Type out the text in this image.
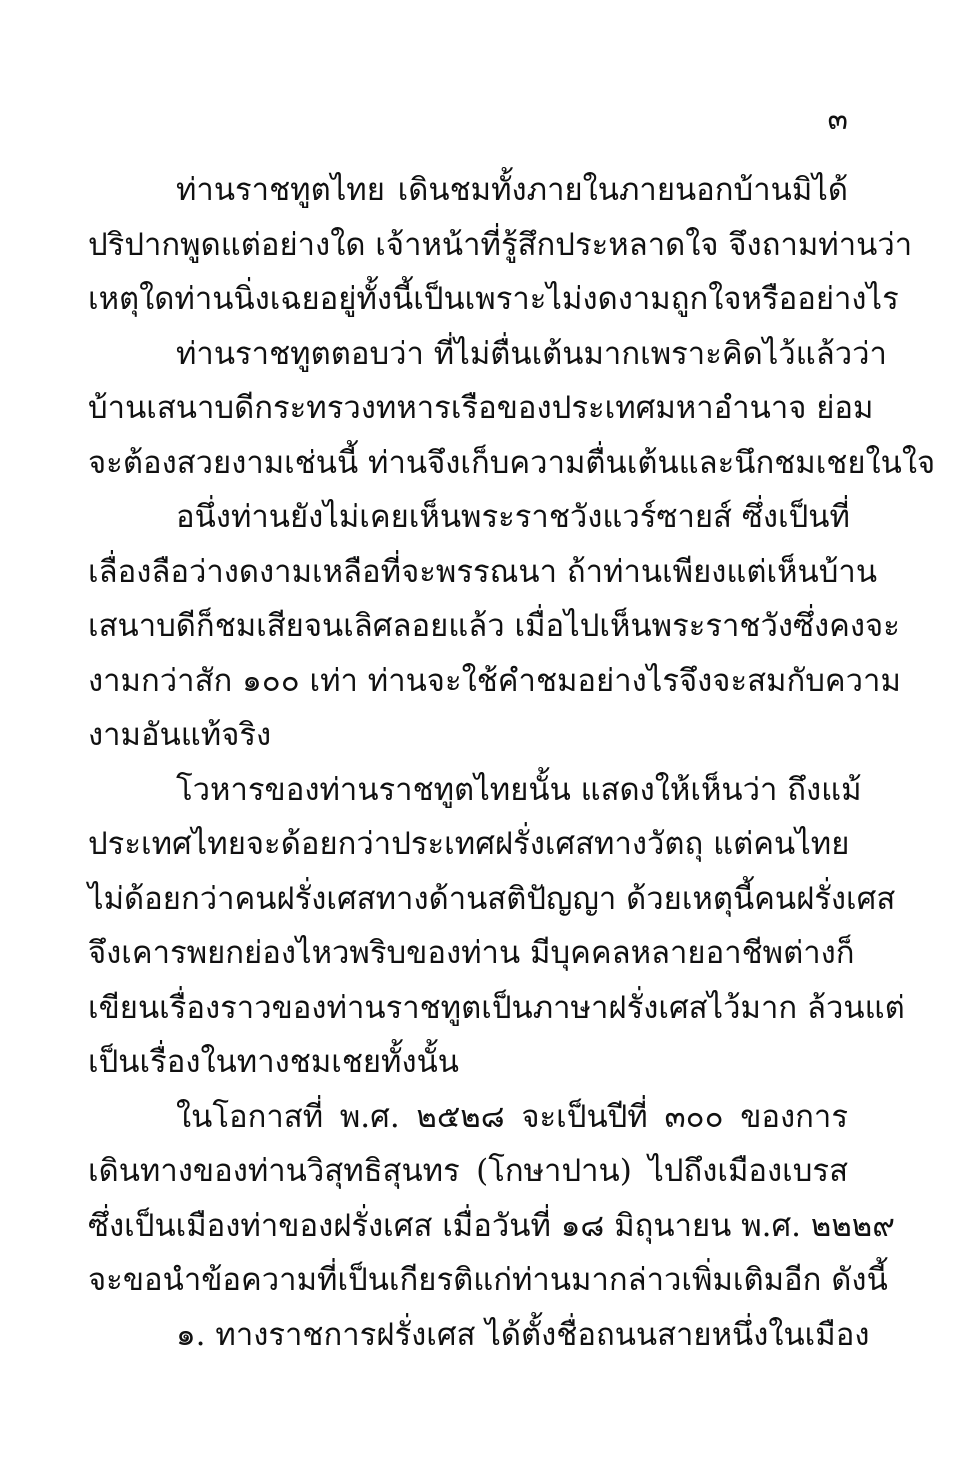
๓
ท่านราชทูตไทย เดินชมทั้งภายในภายนอกบ้านมิได้
ปริปากพูดแต่อย่างใด เจ้าหน้าที่รู้สึกประหลาดใจ จึงถามท่านว่า
เหตุใดท่านนิ่งเฉยอยู่ทั้งนี้เป็นเพราะไม่งดงามถูกใจหรืออย่างไร
ท่านราชทูตตอบว่า ที่ไม่ตื่นเต้นมากเพราะคิดไว้แล้วว่า
บ้านเสนาบดีกระทรวงทหารเรือของประเทศมหาอำนาจ ย่อม
จะต้องสวยงามเช่นนี้ ท่านจึงเก็บความตื่นเต้นและนึกชมเชยในใจ
อนึ่งท่านยังไม่เคยเห็นพระราชวังแวร์ซายส์ ซึ่งเป็นที่
เลื่องลือว่างดงามเหลือที่จะพรรณนา ถ้าท่านเพียงแต่เห็นบ้าน
เสนาบดีก็ชมเสียจนเลิศลอยแล้ว เมื่อไปเห็นพระราชวังซึ่งคงจะ
งามกว่าสัก ๑๐๐ เท่า ท่านจะใช้คำชมอย่างไรจึงจะสมกับความ
งามอันแท้จริง
โวหารของท่านราชทูตไทยนั้น แสดงให้เห็นว่า ถึงแม้
ประเทศไทยจะด้อยกว่าประเทศฝรั่งเศสทางวัตถุ แต่คนไทย
ไม่ด้อยกว่าคนฝรั่งเศสทางด้านสติปัญญา ด้วยเหตุนี้คนฝรั่งเศส
จึงเคารพยกย่องไหวพริบของท่าน มีบุคคลหลายอาชีพต่างก็
เขียนเรื่องราวของท่านราชทูตเป็นภาษาฝรั่งเศสไว้มาก ล้วนแต่
เป็นเรื่องในทางชมเชยทั้งนั้น
ในโอกาสที่ พ.ศ. ๒๕๒๘ จะเป็นปีที่ ๓๐๐ ของการ
เดินทางของท่านวิสุทธิสุนทร (โกษาปาน) ไปถึงเมืองเบรส
ซึ่งเป็นเมืองท่าของฝรั่งเศส เมื่อวันที่ ๑๘ มิถุนายน พ.ศ. ๒๒๒๙
จะขอนำข้อความที่เป็นเกียรติแก่ท่านมากล่าวเพิ่มเติมอีก ดังนี้
๑. ทางราชการฝรั่งเศส ได้ตั้งชื่อถนนสายหนึ่งในเมือง
